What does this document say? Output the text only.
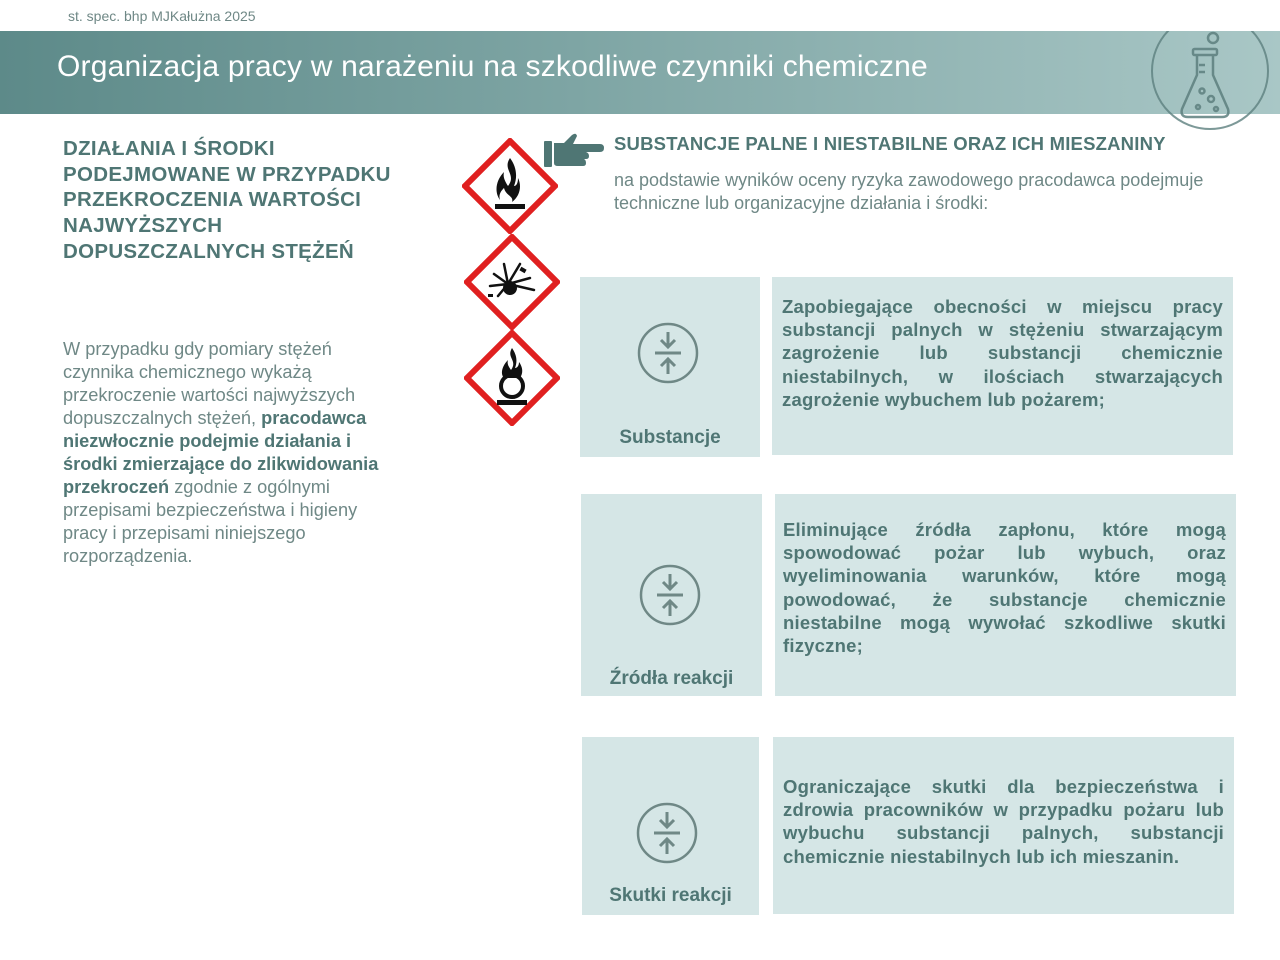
st. spec. bhp MJKałużna 2025
Organizacja pracy w narażeniu na szkodliwe czynniki chemiczne
DZIAŁANIA I ŚRODKI PODEJMOWANE W PRZYPADKU PRZEKROCZENIA WARTOŚCI NAJWYŻSZYCH DOPUSZCZALNYCH STĘŻEŃ
W przypadku gdy pomiary stężeń czynnika chemicznego wykażą przekroczenie wartości najwyższych dopuszczalnych stężeń, pracodawca niezwłocznie podejmie działania i środki zmierzające do zlikwidowania przekroczeń zgodnie z ogólnymi przepisami bezpieczeństwa i higieny pracy i przepisami niniejszego rozporządzenia.
SUBSTANCJE PALNE I NIESTABILNE ORAZ ICH MIESZANINY
na podstawie wyników oceny ryzyka zawodowego pracodawca podejmuje techniczne lub organizacyjne działania i środki:
Substancje
Zapobiegające obecności w miejscu pracy substancji palnych w stężeniu stwarzającym zagrożenie lub substancji chemicznie niestabilnych, w ilościach stwarzających zagrożenie wybuchem lub pożarem;
Źródła reakcji
Eliminujące źródła zapłonu, które mogą spowodować pożar lub wybuch, oraz wyeliminowania warunków, które mogą powodować, że substancje chemicznie niestabilne mogą wywołać szkodliwe skutki fizyczne;
Skutki reakcji
Ograniczające skutki dla bezpieczeństwa i zdrowia pracowników w przypadku pożaru lub wybuchu substancji palnych, substancji chemicznie niestabilnych lub ich mieszanin.
